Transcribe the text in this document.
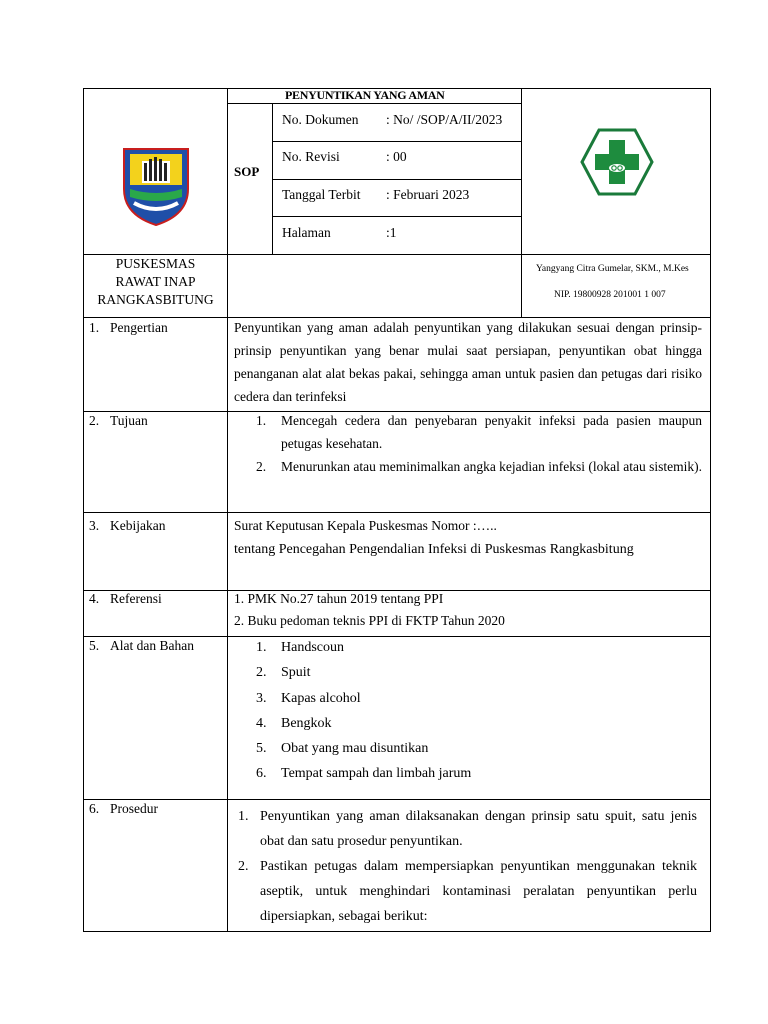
PENYUNTIKAN YANG AMAN
SOP
No. Dokumen : No/ /SOP/A/II/2023
No. Revisi	: 00
Tanggal Terbit : Februari 2023
Halaman	:1
PUSKESMAS
RAWAT INAP
RANGKASBITUNG
Yangyang Citra Gumelar, SKM., M.Kes
NIP. 19800928 201001 1 007
1. Pengertian	Penyuntikan yang aman adalah penyuntikan yang dilakukan sesuai dengan prinsip-prinsip penyuntikan yang benar mulai saat persiapan, penyuntikan obat hingga penanganan alat alat bekas pakai, sehingga aman untuk pasien dan petugas dari risiko cedera dan terinfeksi
2. Tujuan	1. Mencegah cedera dan penyebaran penyakit infeksi pada pasien maupun petugas kesehatan.
2. Menurunkan atau meminimalkan angka kejadian infeksi (lokal atau sistemik).
3. Kebijakan	Surat Keputusan Kepala Puskesmas Nomor :…..
tentang Pencegahan Pengendalian Infeksi di Puskesmas Rangkasbitung
4. Referensi	1. PMK No.27 tahun 2019 tentang PPI
2. Buku pedoman teknis PPI di FKTP Tahun 2020
5. Alat dan Bahan	1. Handscoun
2. Spuit
3. Kapas alcohol
4. Bengkok
5. Obat yang mau disuntikan
6. Tempat sampah dan limbah jarum
6. Prosedur
1. Penyuntikan yang aman dilaksanakan dengan prinsip satu spuit, satu jenis obat dan satu prosedur penyuntikan.
2. Pastikan petugas dalam mempersiapkan penyuntikan menggunakan teknik aseptik, untuk menghindari kontaminasi peralatan penyuntikan perlu dipersiapkan, sebagai berikut:
